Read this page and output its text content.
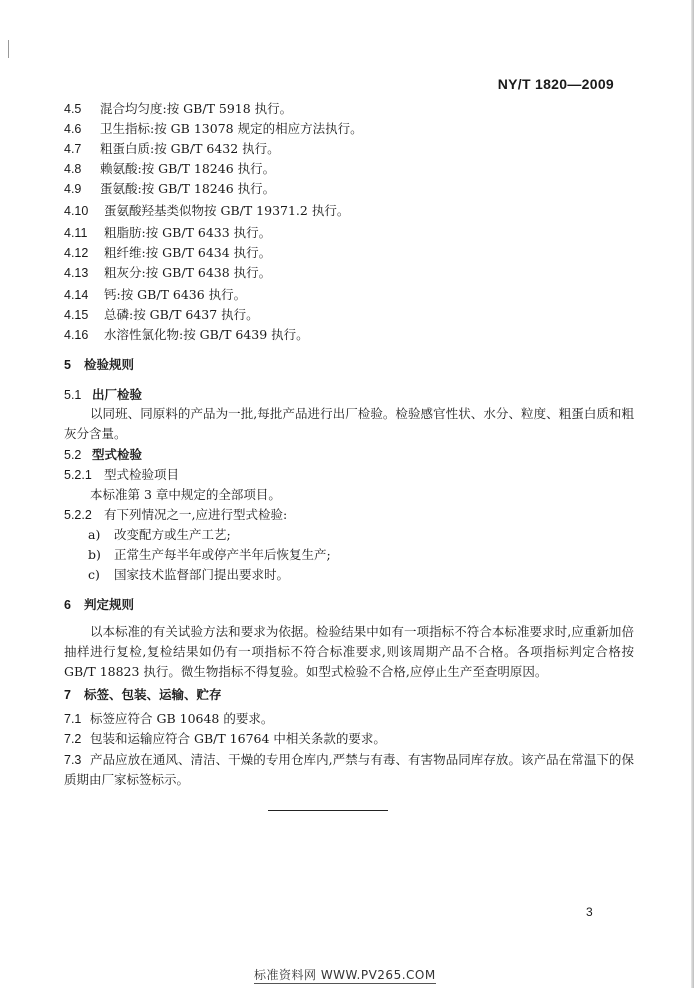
NY/T 1820—2009
4.5 混合均匀度:按 GB/T 5918 执行。
4.6 卫生指标:按 GB 13078 规定的相应方法执行。
4.7 粗蛋白质:按 GB/T 6432 执行。
4.8 赖氨酸:按 GB/T 18246 执行。
4.9 蛋氨酸:按 GB/T 18246 执行。
4.10 蛋氨酸羟基类似物按 GB/T 19371.2 执行。
4.11 粗脂肪:按 GB/T 6433 执行。
4.12 粗纤维:按 GB/T 6434 执行。
4.13 粗灰分:按 GB/T 6438 执行。
4.14 钙:按 GB/T 6436 执行。
4.15 总磷:按 GB/T 6437 执行。
4.16 水溶性氯化物:按 GB/T 6439 执行。
5 检验规则
5.1 出厂检验
以同班、同原料的产品为一批,每批产品进行出厂检验。检验感官性状、水分、粒度、粗蛋白质和粗灰分含量。
5.2 型式检验
5.2.1 型式检验项目
本标准第 3 章中规定的全部项目。
5.2.2 有下列情况之一,应进行型式检验:
a) 改变配方或生产工艺;
b) 正常生产每半年或停产半年后恢复生产;
c) 国家技术监督部门提出要求时。
6 判定规则
以本标准的有关试验方法和要求为依据。检验结果中如有一项指标不符合本标准要求时,应重新加倍抽样进行复检,复检结果如仍有一项指标不符合标准要求,则该周期产品不合格。各项指标判定合格按 GB/T 18823 执行。微生物指标不得复验。如型式检验不合格,应停止生产至查明原因。
7 标签、包装、运输、贮存
7.1 标签应符合 GB 10648 的要求。
7.2 包装和运输应符合 GB/T 16764 中相关条款的要求。
7.3 产品应放在通风、清洁、干燥的专用仓库内,严禁与有毒、有害物品同库存放。该产品在常温下的保质期由厂家标签标示。
3
标准资料网 WWW.PV265.COM
